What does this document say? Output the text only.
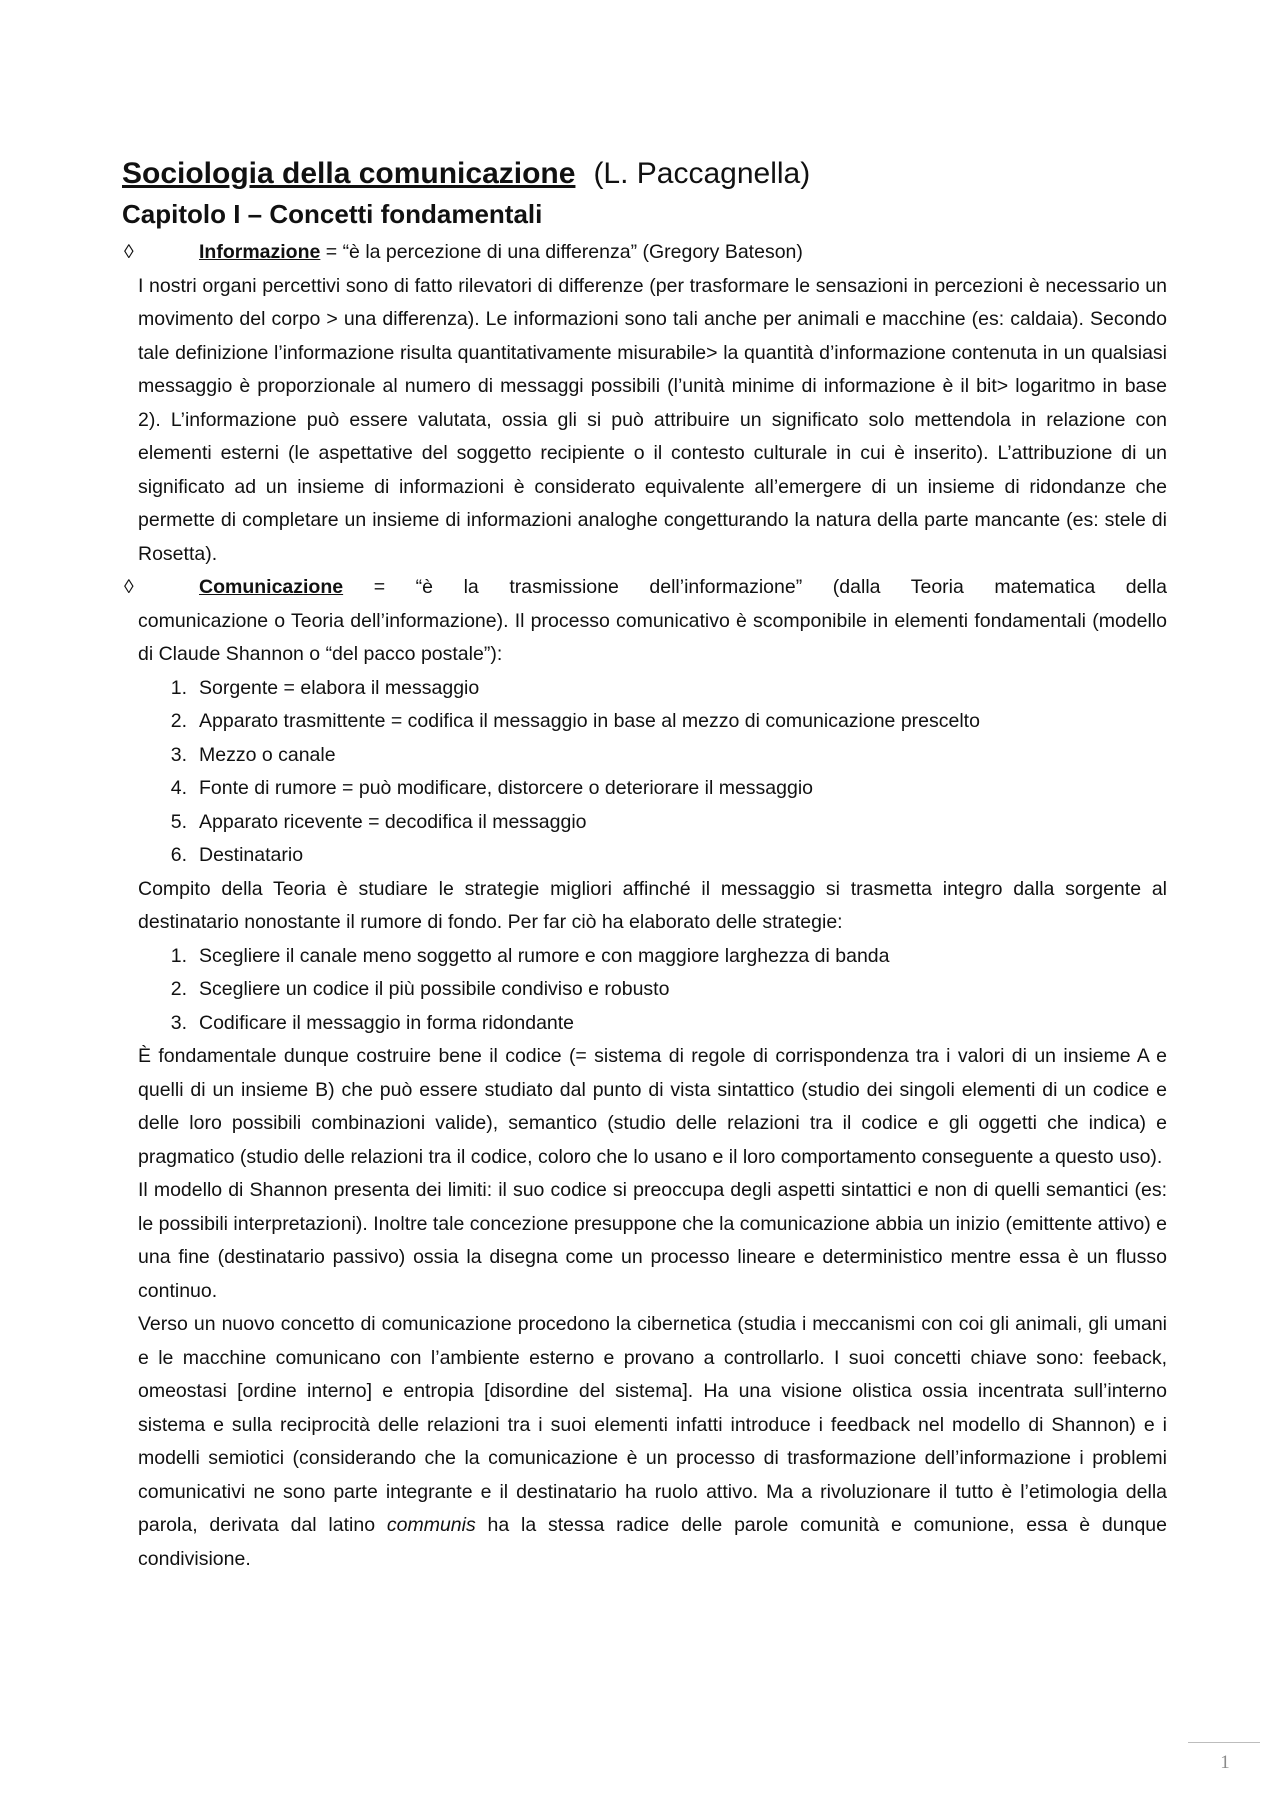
Sociologia della comunicazione (L. Paccagnella)
Capitolo I – Concetti fondamentali
◊	Informazione = “è la percezione di una differenza” (Gregory Bateson)

I nostri organi percettivi sono di fatto rilevatori di differenze (per trasformare le sensazioni in percezioni è necessario un movimento del corpo > una differenza). Le informazioni sono tali anche per animali e macchine (es: caldaia). Secondo tale definizione l’informazione risulta quantitativamente misurabile> la quantità d’informazione contenuta in un qualsiasi messaggio è proporzionale al numero di messaggi possibili (l’unità minime di informazione è il bit> logaritmo in base 2). L’informazione può essere valutata, ossia gli si può attribuire un significato solo mettendola in relazione con elementi esterni (le aspettative del soggetto recipiente o il contesto culturale in cui è inserito). L’attribuzione di un significato ad un insieme di informazioni è considerato equivalente all’emergere di un insieme di ridondanze che permette di completare un insieme di informazioni analoghe congetturando la natura della parte mancante (es: stele di Rosetta).

◊	Comunicazione = “è la trasmissione dell’informazione” (dalla Teoria matematica della

comunicazione o Teoria dell’informazione). Il processo comunicativo è scomponibile in elementi fondamentali (modello di Claude Shannon o “del pacco postale”):

1. Sorgente = elabora il messaggio
2. Apparato trasmittente = codifica il messaggio in base al mezzo di comunicazione prescelto
3. Mezzo o canale
4. Fonte di rumore = può modificare, distorcere o deteriorare il messaggio
5. Apparato ricevente = decodifica il messaggio
6. Destinatario

Compito della Teoria è studiare le strategie migliori affinché il messaggio si trasmetta integro dalla sorgente al destinatario nonostante il rumore di fondo. Per far ciò ha elaborato delle strategie:

1. Scegliere il canale meno soggetto al rumore e con maggiore larghezza di banda
2. Scegliere un codice il più possibile condiviso e robusto
3. Codificare il messaggio in forma ridondante

È fondamentale dunque costruire bene il codice (= sistema di regole di corrispondenza tra i valori di un insieme A e quelli di un insieme B) che può essere studiato dal punto di vista sintattico (studio dei singoli elementi di un codice e delle loro possibili combinazioni valide), semantico (studio delle relazioni tra il codice e gli oggetti che indica) e pragmatico (studio delle relazioni tra il codice, coloro che lo usano e il loro comportamento conseguente a questo uso).

Il modello di Shannon presenta dei limiti: il suo codice si preoccupa degli aspetti sintattici e non di quelli semantici (es: le possibili interpretazioni). Inoltre tale concezione presuppone che la comunicazione abbia un inizio (emittente attivo) e una fine (destinatario passivo) ossia la disegna come un processo lineare e deterministico mentre essa è un flusso continuo.

Verso un nuovo concetto di comunicazione procedono la cibernetica (studia i meccanismi con coi gli animali, gli umani e le macchine comunicano con l’ambiente esterno e provano a controllarlo. I suoi concetti chiave sono: feeback, omeostasi [ordine interno] e entropia [disordine del sistema]. Ha una visione olistica ossia incentrata sull’interno sistema e sulla reciprocità delle relazioni tra i suoi elementi infatti introduce i feedback nel modello di Shannon) e i modelli semiotici (considerando che la comunicazione è un processo di trasformazione dell’informazione i problemi comunicativi ne sono parte integrante e il destinatario ha ruolo attivo. Ma a rivoluzionare il tutto è l’etimologia della parola, derivata dal latino communis ha la stessa radice delle parole comunità e comunione, essa è dunque condivisione.

1
